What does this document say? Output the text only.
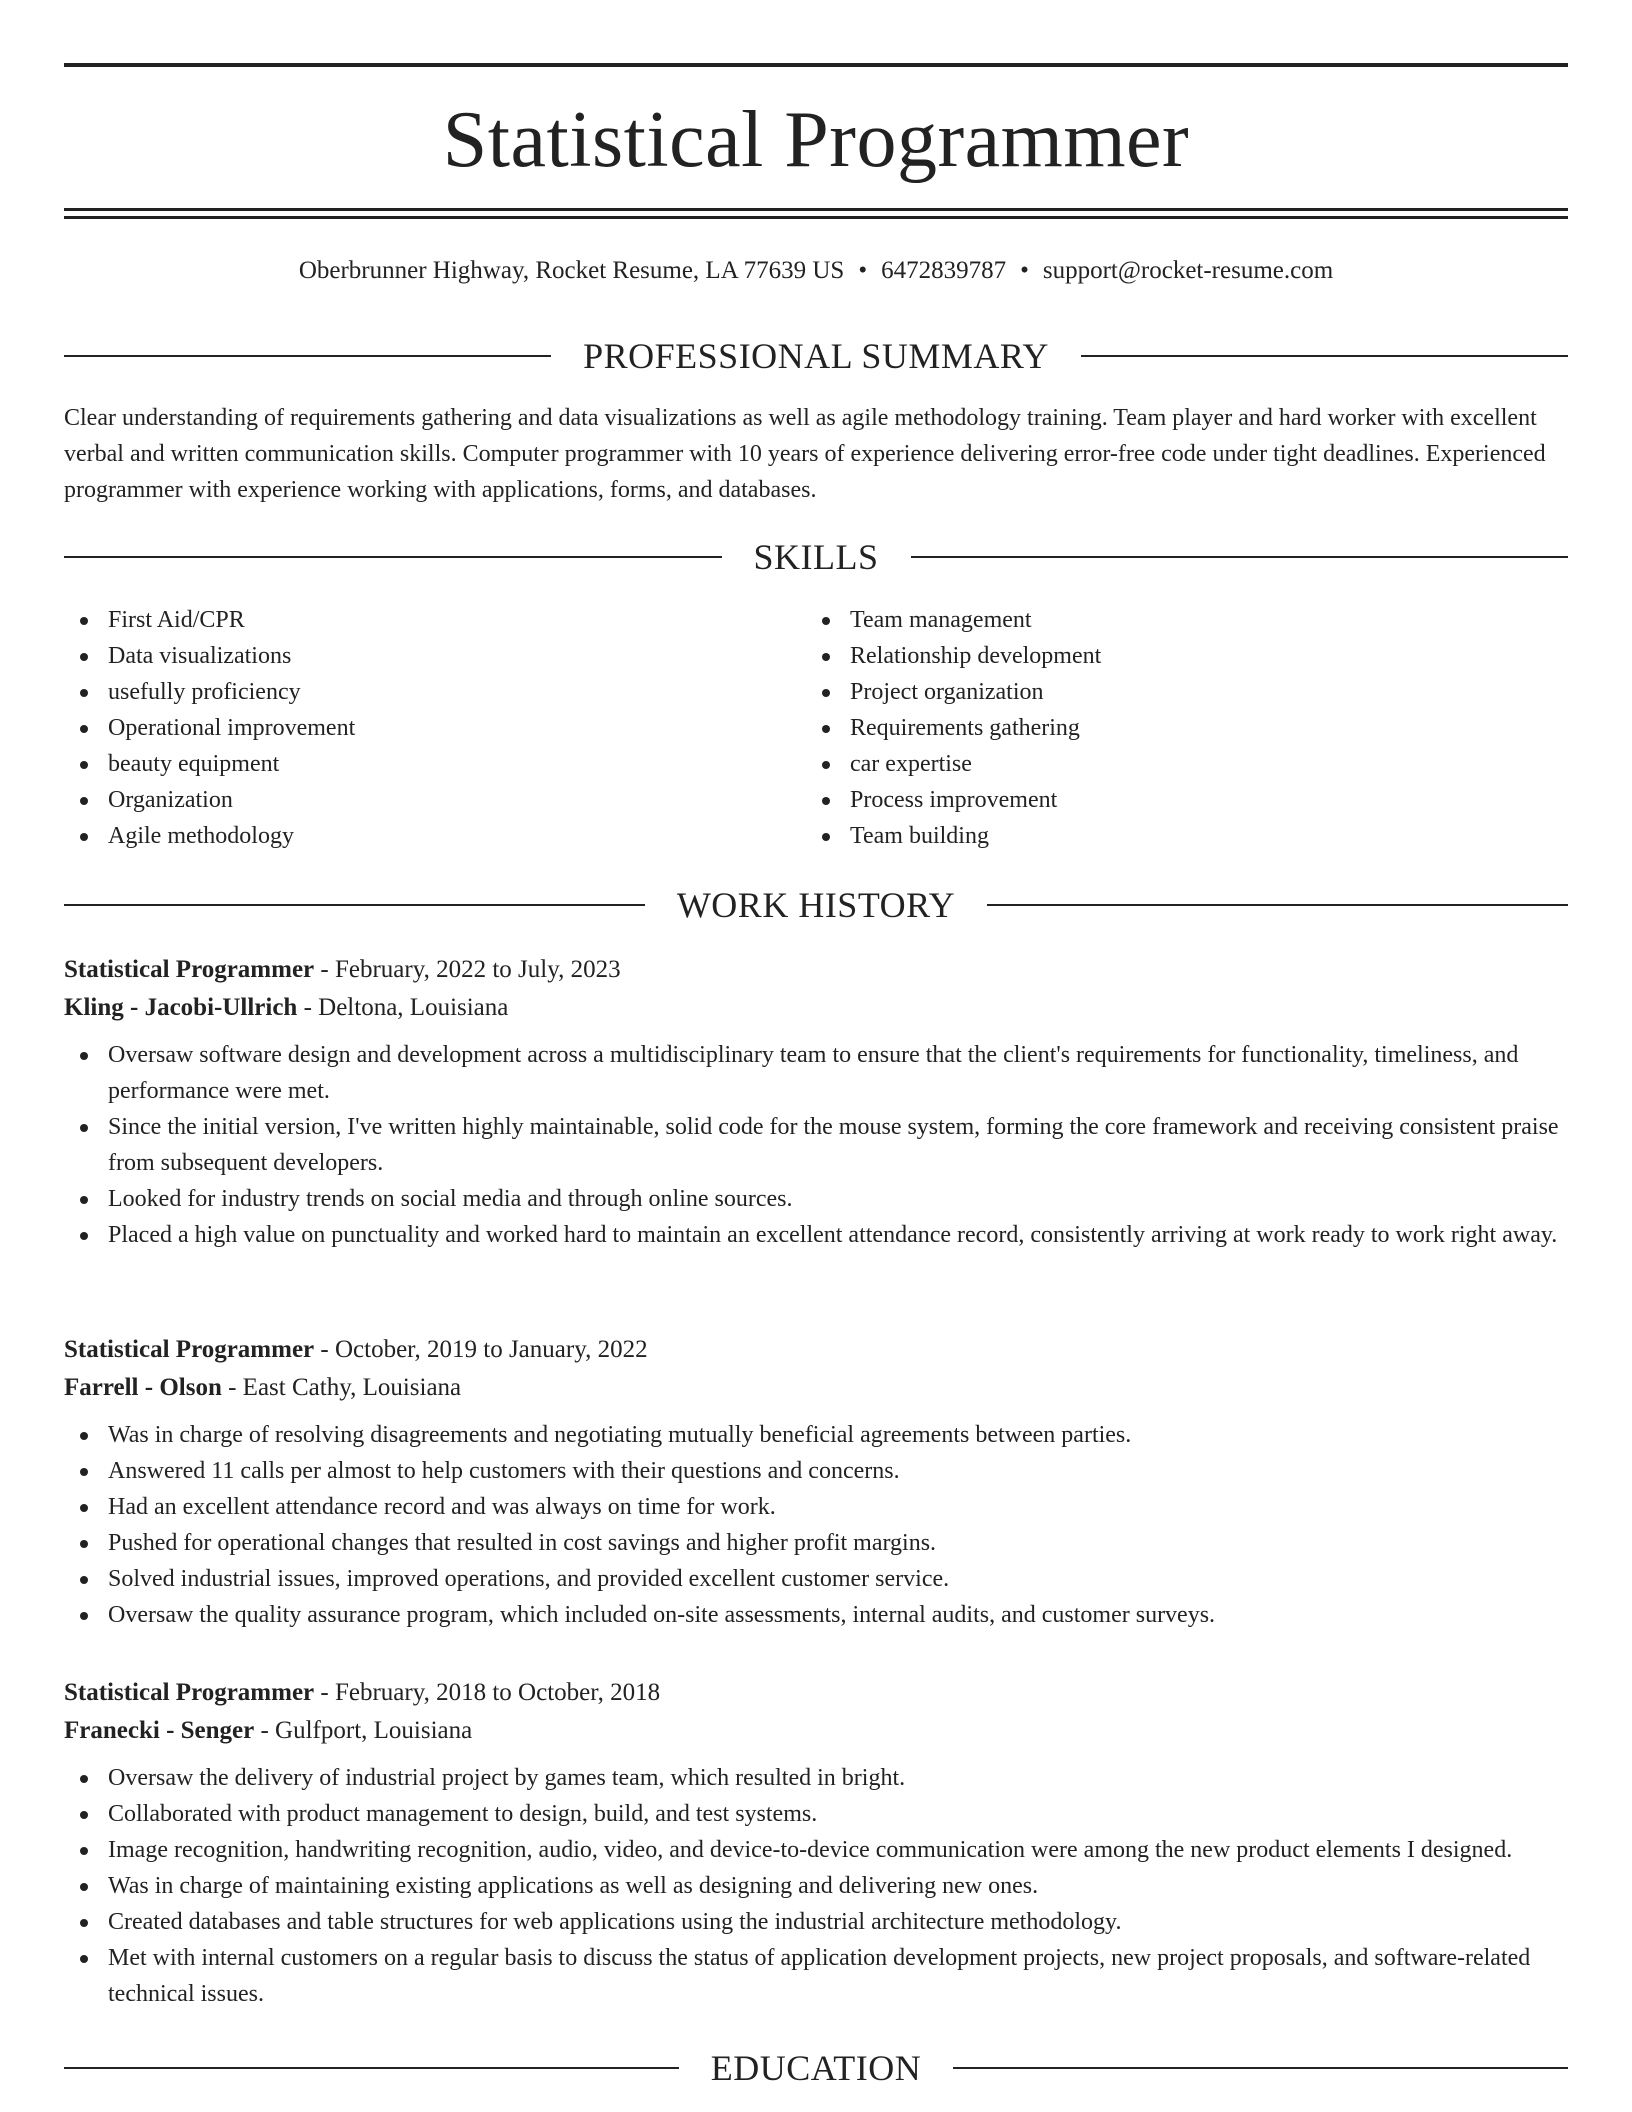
Statistical Programmer
Oberbrunner Highway, Rocket Resume, LA 77639 US • 6472839787 • support@rocket-resume.com
PROFESSIONAL SUMMARY

Clear understanding of requirements gathering and data visualizations as well as agile methodology training. Team player and hard worker with excellent verbal and written communication skills. Computer programmer with 10 years of experience delivering error-free code under tight deadlines. Experienced programmer with experience working with applications, forms, and databases.

SKILLS
First Aid/CPR
Data visualizations
usefully proficiency
Operational improvement
beauty equipment
Organization
Agile methodology
Team management
Relationship development
Project organization
Requirements gathering
car expertise
Process improvement
Team building
WORK HISTORY
Statistical Programmer - February, 2022 to July, 2023
Kling - Jacobi-Ullrich - Deltona, Louisiana
Oversaw software design and development across a multidisciplinary team to ensure that the client's requirements for functionality, timeliness, and performance were met.
Since the initial version, I've written highly maintainable, solid code for the mouse system, forming the core framework and receiving consistent praise from subsequent developers.
Looked for industry trends on social media and through online sources.
Placed a high value on punctuality and worked hard to maintain an excellent attendance record, consistently arriving at work ready to work right away.
Statistical Programmer - October, 2019 to January, 2022
Farrell - Olson - East Cathy, Louisiana
Was in charge of resolving disagreements and negotiating mutually beneficial agreements between parties.
Answered 11 calls per almost to help customers with their questions and concerns.
Had an excellent attendance record and was always on time for work.
Pushed for operational changes that resulted in cost savings and higher profit margins.
Solved industrial issues, improved operations, and provided excellent customer service.
Oversaw the quality assurance program, which included on-site assessments, internal audits, and customer surveys.
Statistical Programmer - February, 2018 to October, 2018
Franecki - Senger - Gulfport, Louisiana
Oversaw the delivery of industrial project by games team, which resulted in bright.
Collaborated with product management to design, build, and test systems.
Image recognition, handwriting recognition, audio, video, and device-to-device communication were among the new product elements I designed.
Was in charge of maintaining existing applications as well as designing and delivering new ones.
Created databases and table structures for web applications using the industrial architecture methodology.
Met with internal customers on a regular basis to discuss the status of application development projects, new project proposals, and software-related technical issues.
EDUCATION
